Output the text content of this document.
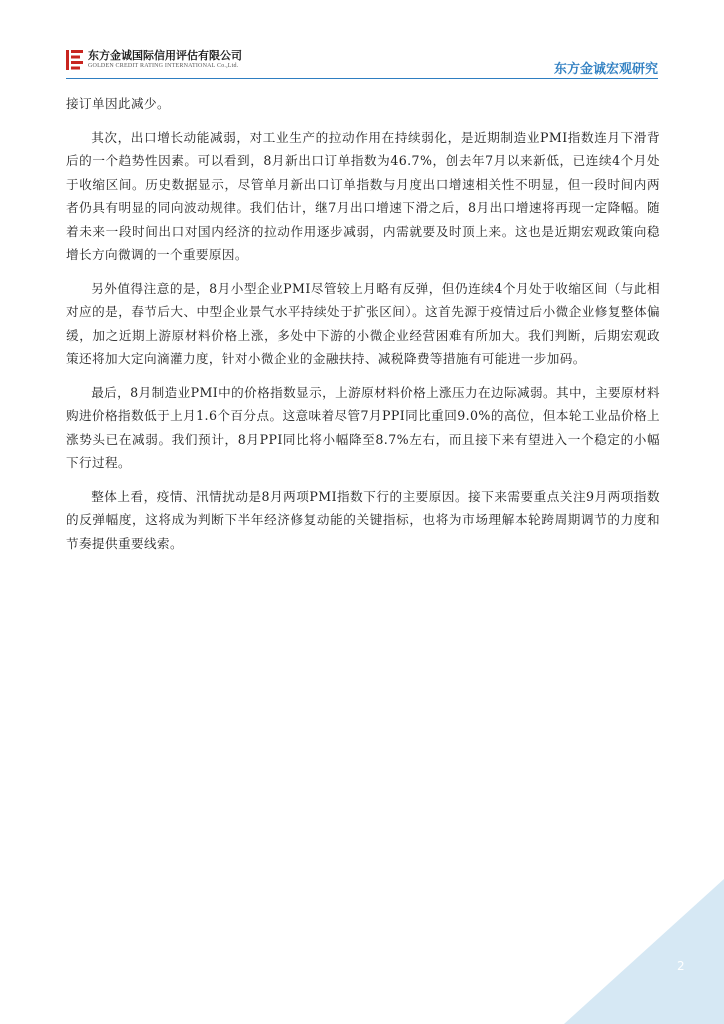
东方金诚国际信用评估有限公司
GOLDEN CREDIT RATING INTERNATIONAL Co.,Ltd.	东方金诚宏观研究

接订单因此减少。

其次，出口增长动能减弱，对工业生产的拉动作用在持续弱化，是近期制造业PMI指数连月下滑背后的一个趋势性因素。可以看到，8月新出口订单指数为46.7%，创去年7月以来新低，已连续4个月处于收缩区间。历史数据显示，尽管单月新出口订单指数与月度出口增速相关性不明显，但一段时间内两者仍具有明显的同向波动规律。我们估计，继7月出口增速下滑之后，8月出口增速将再现一定降幅。随着未来一段时间出口对国内经济的拉动作用逐步减弱，内需就要及时顶上来。这也是近期宏观政策向稳增长方向微调的一个重要原因。

另外值得注意的是，8月小型企业PMI尽管较上月略有反弹，但仍连续4个月处于收缩区间（与此相对应的是，春节后大、中型企业景气水平持续处于扩张区间）。这首先源于疫情过后小微企业修复整体偏缓，加之近期上游原材料价格上涨，多处中下游的小微企业经营困难有所加大。我们判断，后期宏观政策还将加大定向滴灌力度，针对小微企业的金融扶持、减税降费等措施有可能进一步加码。

最后，8月制造业PMI中的价格指数显示，上游原材料价格上涨压力在边际减弱。其中，主要原材料购进价格指数低于上月1.6个百分点。这意味着尽管7月PPI同比重回9.0%的高位，但本轮工业品价格上涨势头已在减弱。我们预计，8月PPI同比将小幅降至8.7%左右，而且接下来有望进入一个稳定的小幅下行过程。

整体上看，疫情、汛情扰动是8月两项PMI指数下行的主要原因。接下来需要重点关注9月两项指数的反弹幅度，这将成为判断下半年经济修复动能的关键指标，也将为市场理解本轮跨周期调节的力度和节奏提供重要线索。

2
